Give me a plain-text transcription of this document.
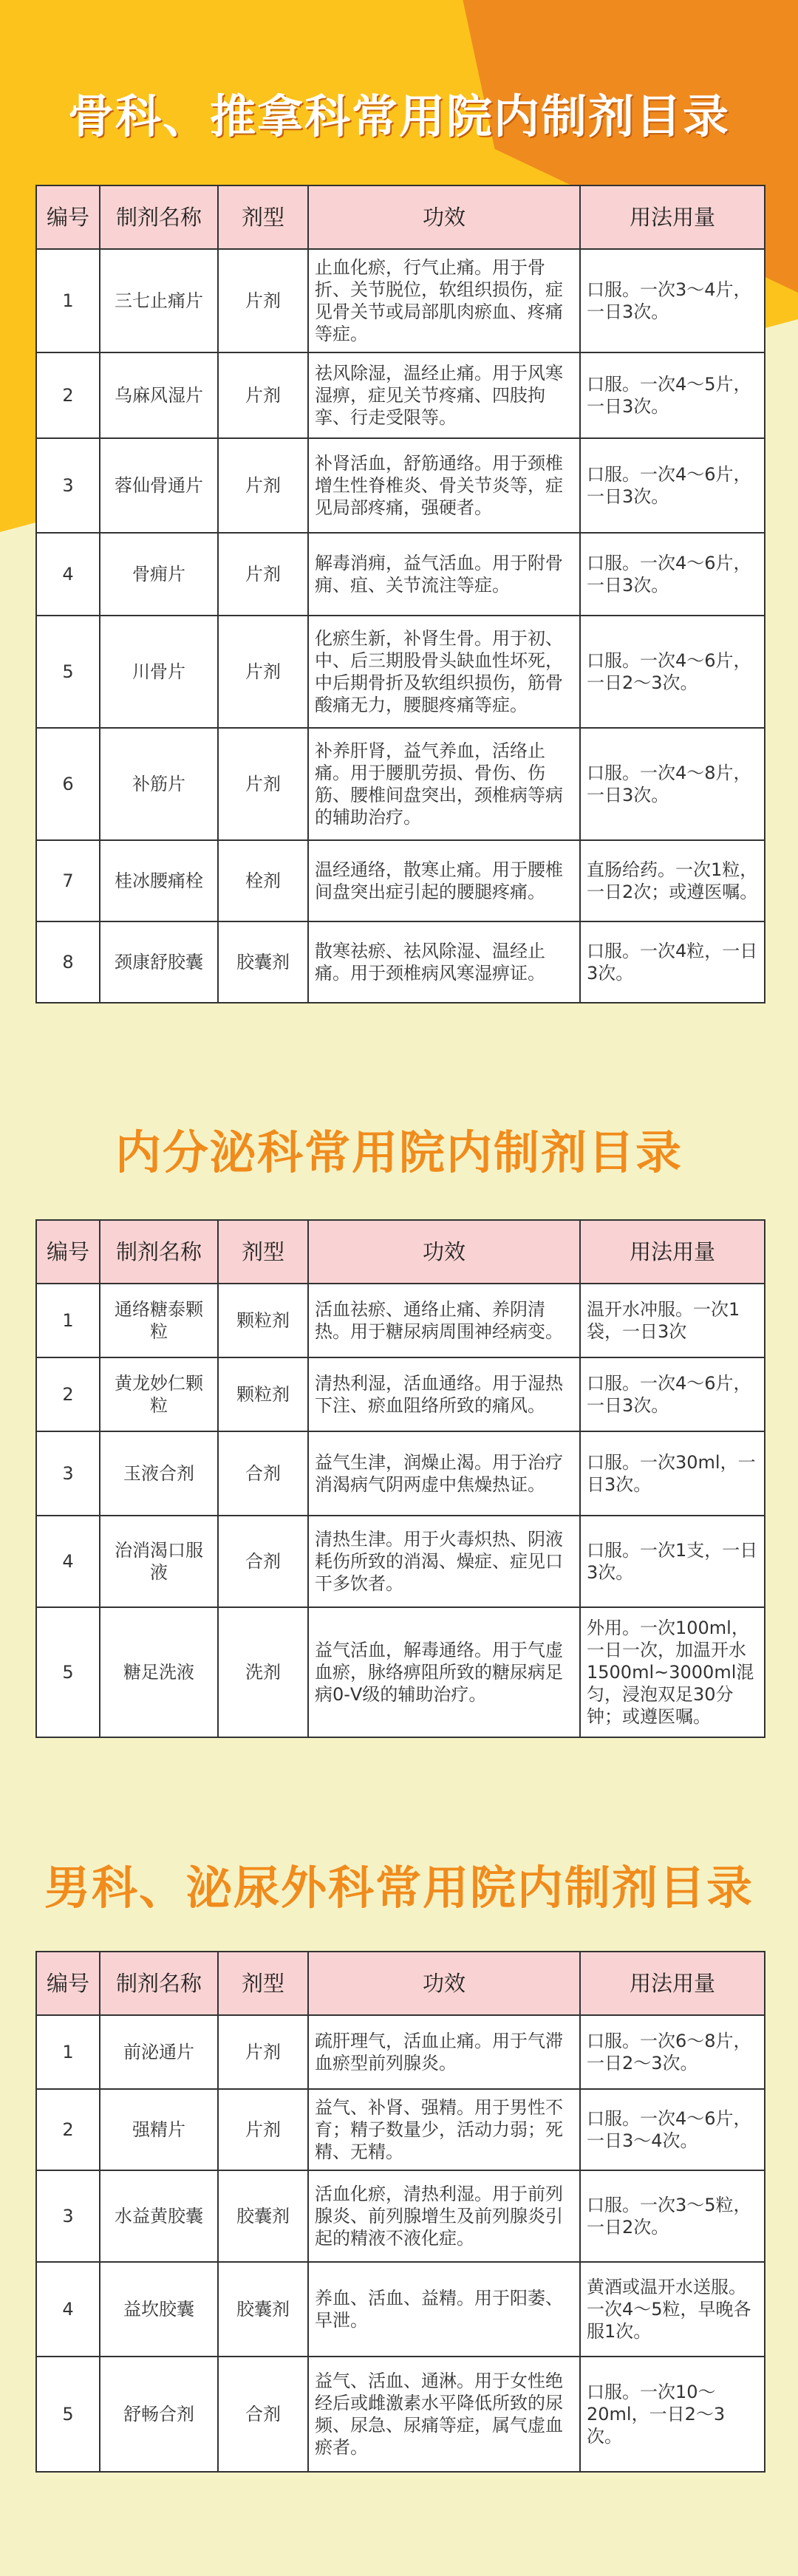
骨科、推拿科常用院内制剂目录
编号	制剂名称	剂型	功效	用法用量
1	三七止痛片	片剂	止血化瘀，行气止痛。用于骨折、关节脱位，软组织损伤，症见骨关节或局部肌肉瘀血、疼痛等症。	口服。一次3～4片，一日3次。
2	乌麻风湿片	片剂	祛风除湿，温经止痛。用于风寒湿痹，症见关节疼痛、四肢拘挛、行走受限等。	口服。一次4～5片，一日3次。
3	蓉仙骨通片	片剂	补肾活血，舒筋通络。用于颈椎增生性脊椎炎、骨关节炎等，症见局部疼痛，强硬者。	口服。一次4～6片，一日3次。
4	骨痈片	片剂	解毒消痈，益气活血。用于附骨痈、疽、关节流注等症。	口服。一次4～6片，一日3次。
5	川骨片	片剂	化瘀生新，补肾生骨。用于初、中、后三期股骨头缺血性坏死，中后期骨折及软组织损伤，筋骨酸痛无力，腰腿疼痛等症。	口服。一次4～6片，一日2～3次。
6	补筋片	片剂	补养肝肾，益气养血，活络止痛。用于腰肌劳损、骨伤、伤筋、腰椎间盘突出，颈椎病等病的辅助治疗。	口服。一次4～8片，一日3次。
7	桂冰腰痛栓	栓剂	温经通络，散寒止痛。用于腰椎间盘突出症引起的腰腿疼痛。	直肠给药。一次1粒，一日2次；或遵医嘱。
8	颈康舒胶囊	胶囊剂	散寒祛瘀、祛风除湿、温经止痛。用于颈椎病风寒湿痹证。	口服。一次4粒，一日3次。
内分泌科常用院内制剂目录
编号	制剂名称	剂型	功效	用法用量
1	通络糖泰颗粒	颗粒剂	活血祛瘀、通络止痛、养阴清热。用于糖尿病周围神经病变。	温开水冲服。一次1袋，一日3次
2	黄龙妙仁颗粒	颗粒剂	清热利湿，活血通络。用于湿热下注、瘀血阻络所致的痛风。	口服。一次4～6片，一日3次。
3	玉液合剂	合剂	益气生津，润燥止渴。用于治疗消渴病气阴两虚中焦燥热证。	口服。一次30ml，一日3次。
4	治消渴口服液	合剂	清热生津。用于火毒炽热、阴液耗伤所致的消渴、燥症、症见口干多饮者。	口服。一次1支，一日3次。
5	糖足洗液	洗剂	益气活血，解毒通络。用于气虚血瘀，脉络痹阻所致的糖尿病足病0-V级的辅助治疗。	外用。一次100ml，一日一次，加温开水1500ml~3000ml混匀，浸泡双足30分钟；或遵医嘱。
男科、泌尿外科常用院内制剂目录
编号	制剂名称	剂型	功效	用法用量
1	前泌通片	片剂	疏肝理气，活血止痛。用于气滞血瘀型前列腺炎。	口服。一次6～8片，一日2～3次。
2	强精片	片剂	益气、补肾、强精。用于男性不育；精子数量少，活动力弱；死精、无精。	口服。一次4～6片，一日3～4次。
3	水益黄胶囊	胶囊剂	活血化瘀，清热利湿。用于前列腺炎、前列腺增生及前列腺炎引起的精液不液化症。	口服。一次3～5粒，一日2次。
4	益坎胶囊	胶囊剂	养血、活血、益精。用于阳萎、早泄。	黄酒或温开水送服。一次4～5粒，早晚各服1次。
5	舒畅合剂	合剂	益气、活血、通淋。用于女性绝经后或雌激素水平降低所致的尿频、尿急、尿痛等症，属气虚血瘀者。	口服。一次10～20ml，一日2～3次。
